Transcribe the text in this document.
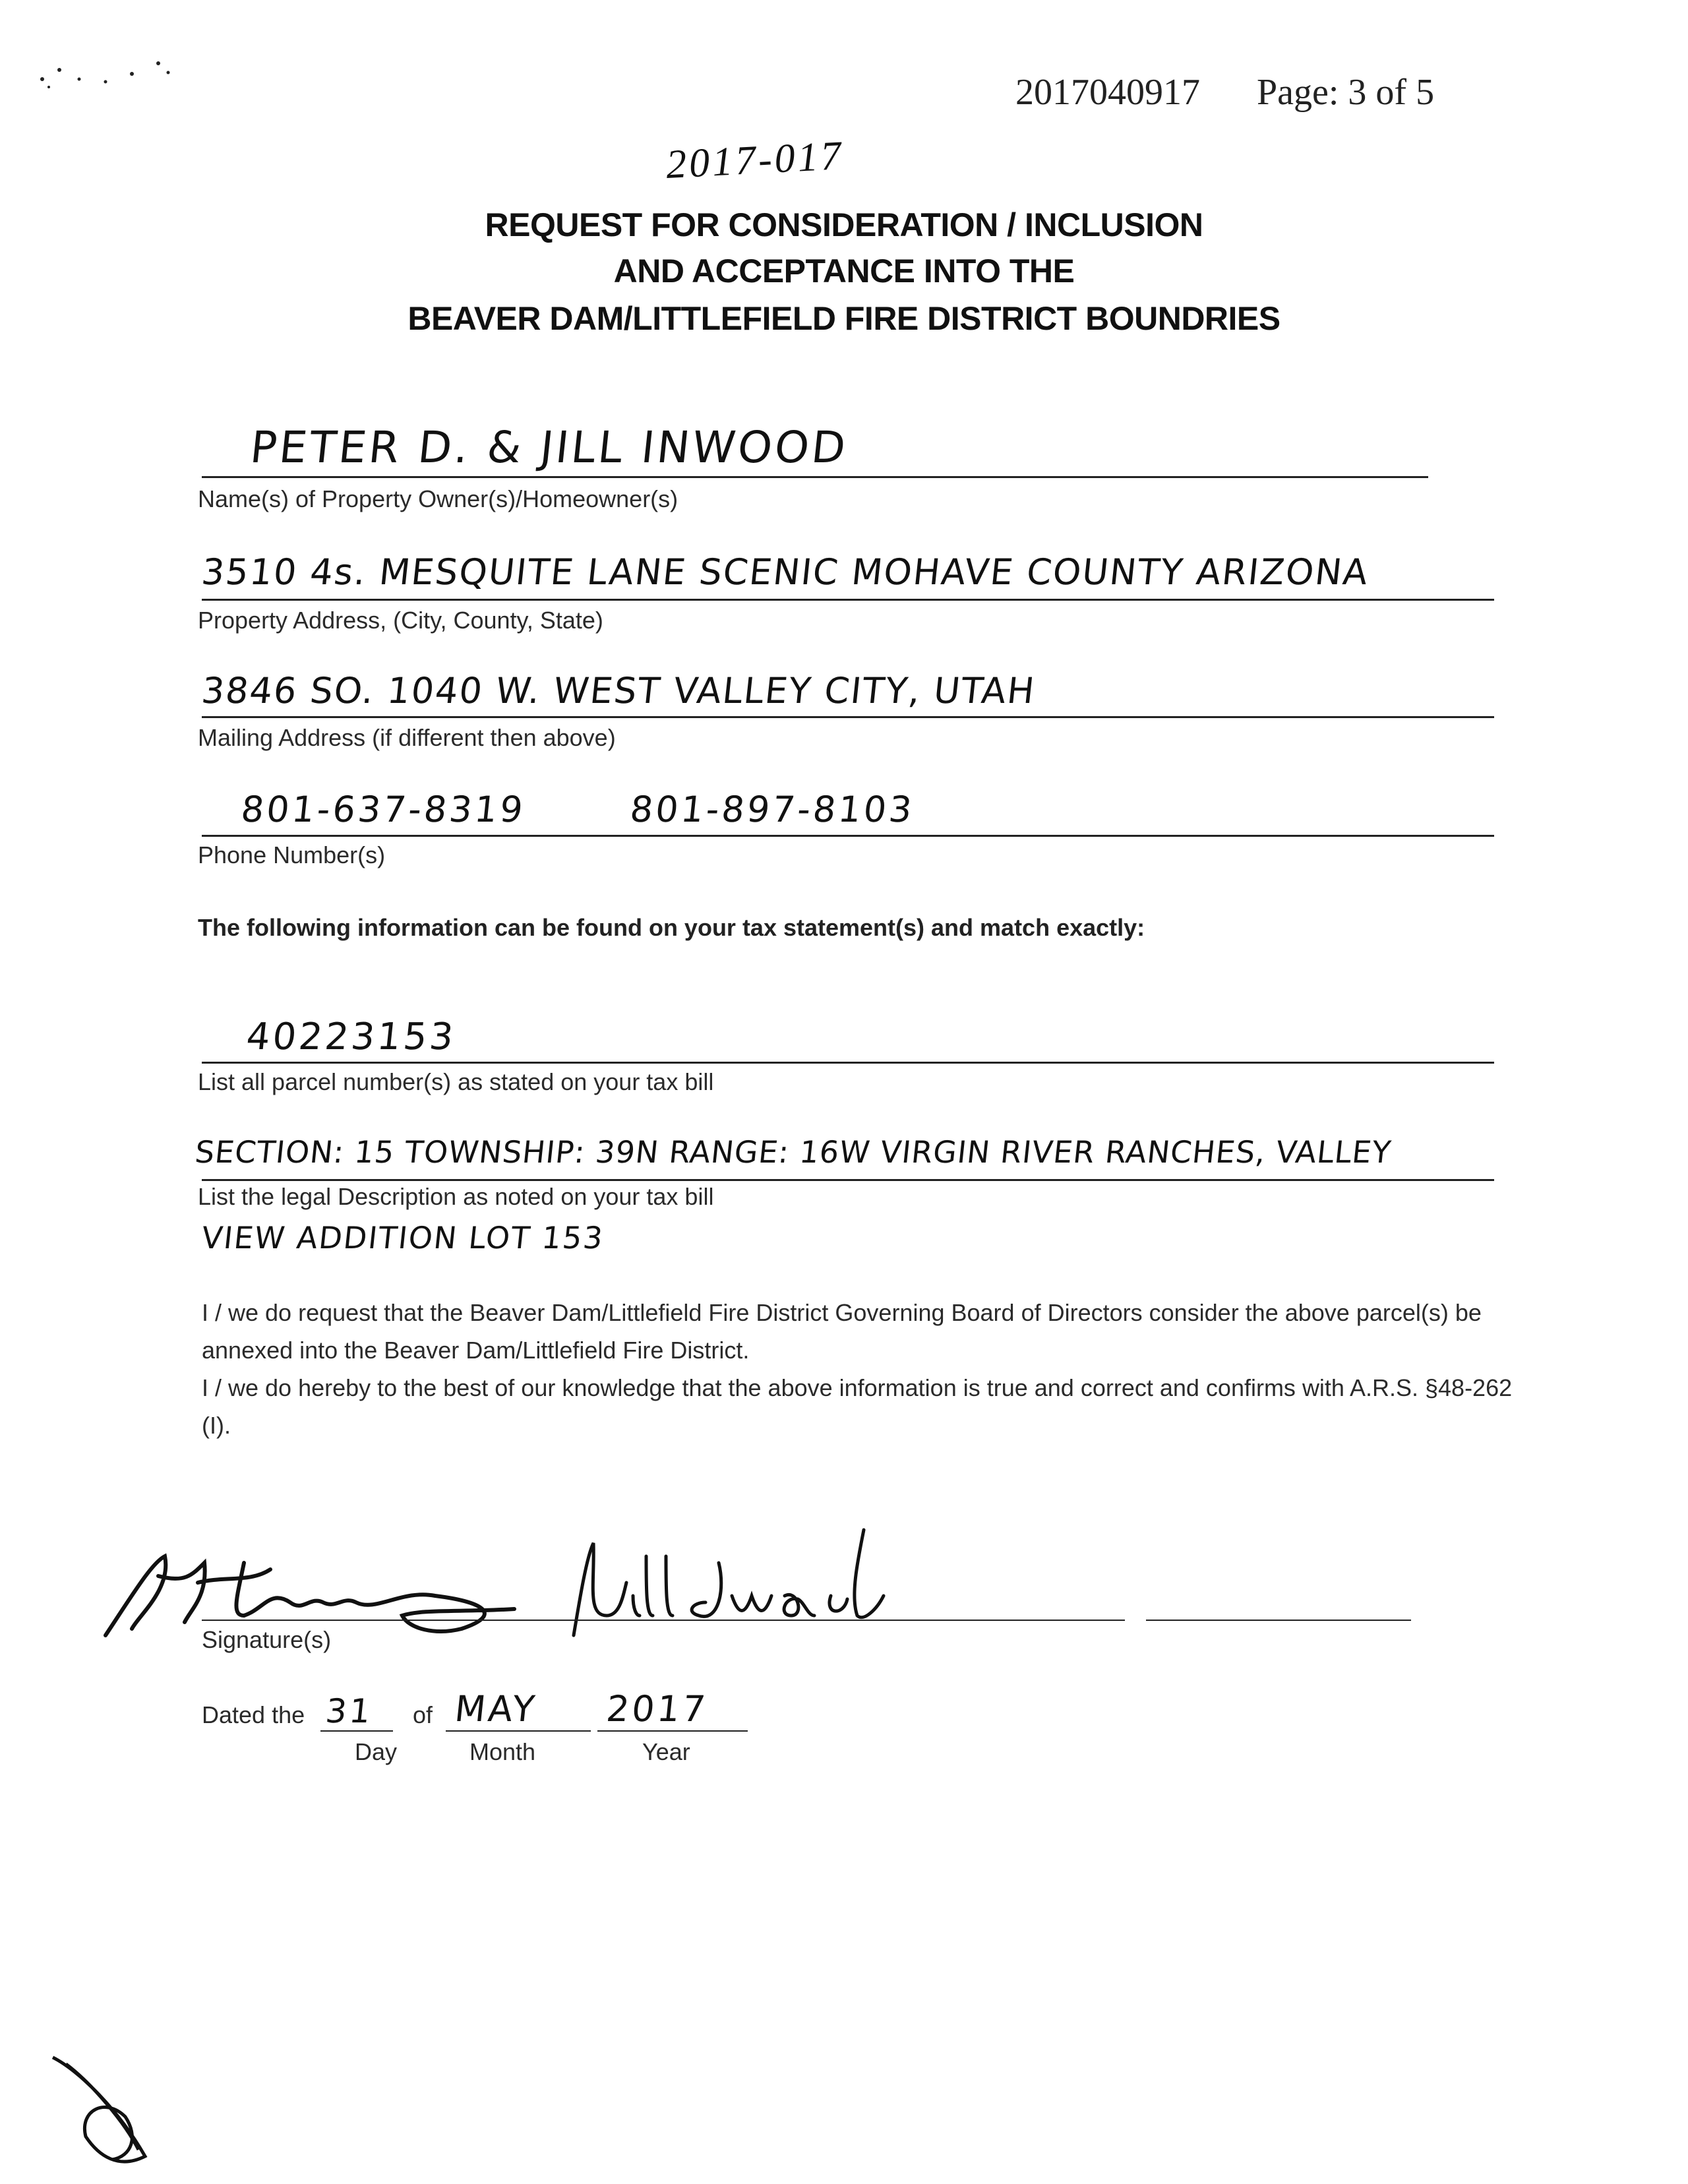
2017040917 Page: 3 of 5
2017-017
REQUEST FOR CONSIDERATION / INCLUSION
AND ACCEPTANCE INTO THE
BEAVER DAM/LITTLEFIELD FIRE DISTRICT BOUNDRIES
PETER D. & JILL INWOOD
Name(s) of Property Owner(s)/Homeowner(s)
3510 4s. MESQUITE LANE SCENIC MOHAVE COUNTY ARIZONA
Property Address, (City, County, State)
3846 SO. 1040 W. WEST VALLEY CITY, UTAH
Mailing Address (if different then above)
801-637-8319	801-897-8103
Phone Number(s)
The following information can be found on your tax statement(s) and match exactly:
40223153
List all parcel number(s) as stated on your tax bill
SECTION: 15 TOWNSHIP: 39N RANGE: 16W VIRGIN RIVER RANCHES, VALLEY
List the legal Description as noted on your tax bill
VIEW ADDITION LOT 153

I / we do request that the Beaver Dam/Littlefield Fire District Governing Board of Directors consider the above parcel(s) be annexed into the Beaver Dam/Littlefield Fire District.

I / we do hereby to the best of our knowledge that the above information is true and correct and confirms with A.R.S. §48-262 (I).

Signature(s)
Dated the 31 of MAY 2017
Day	Month	Year
